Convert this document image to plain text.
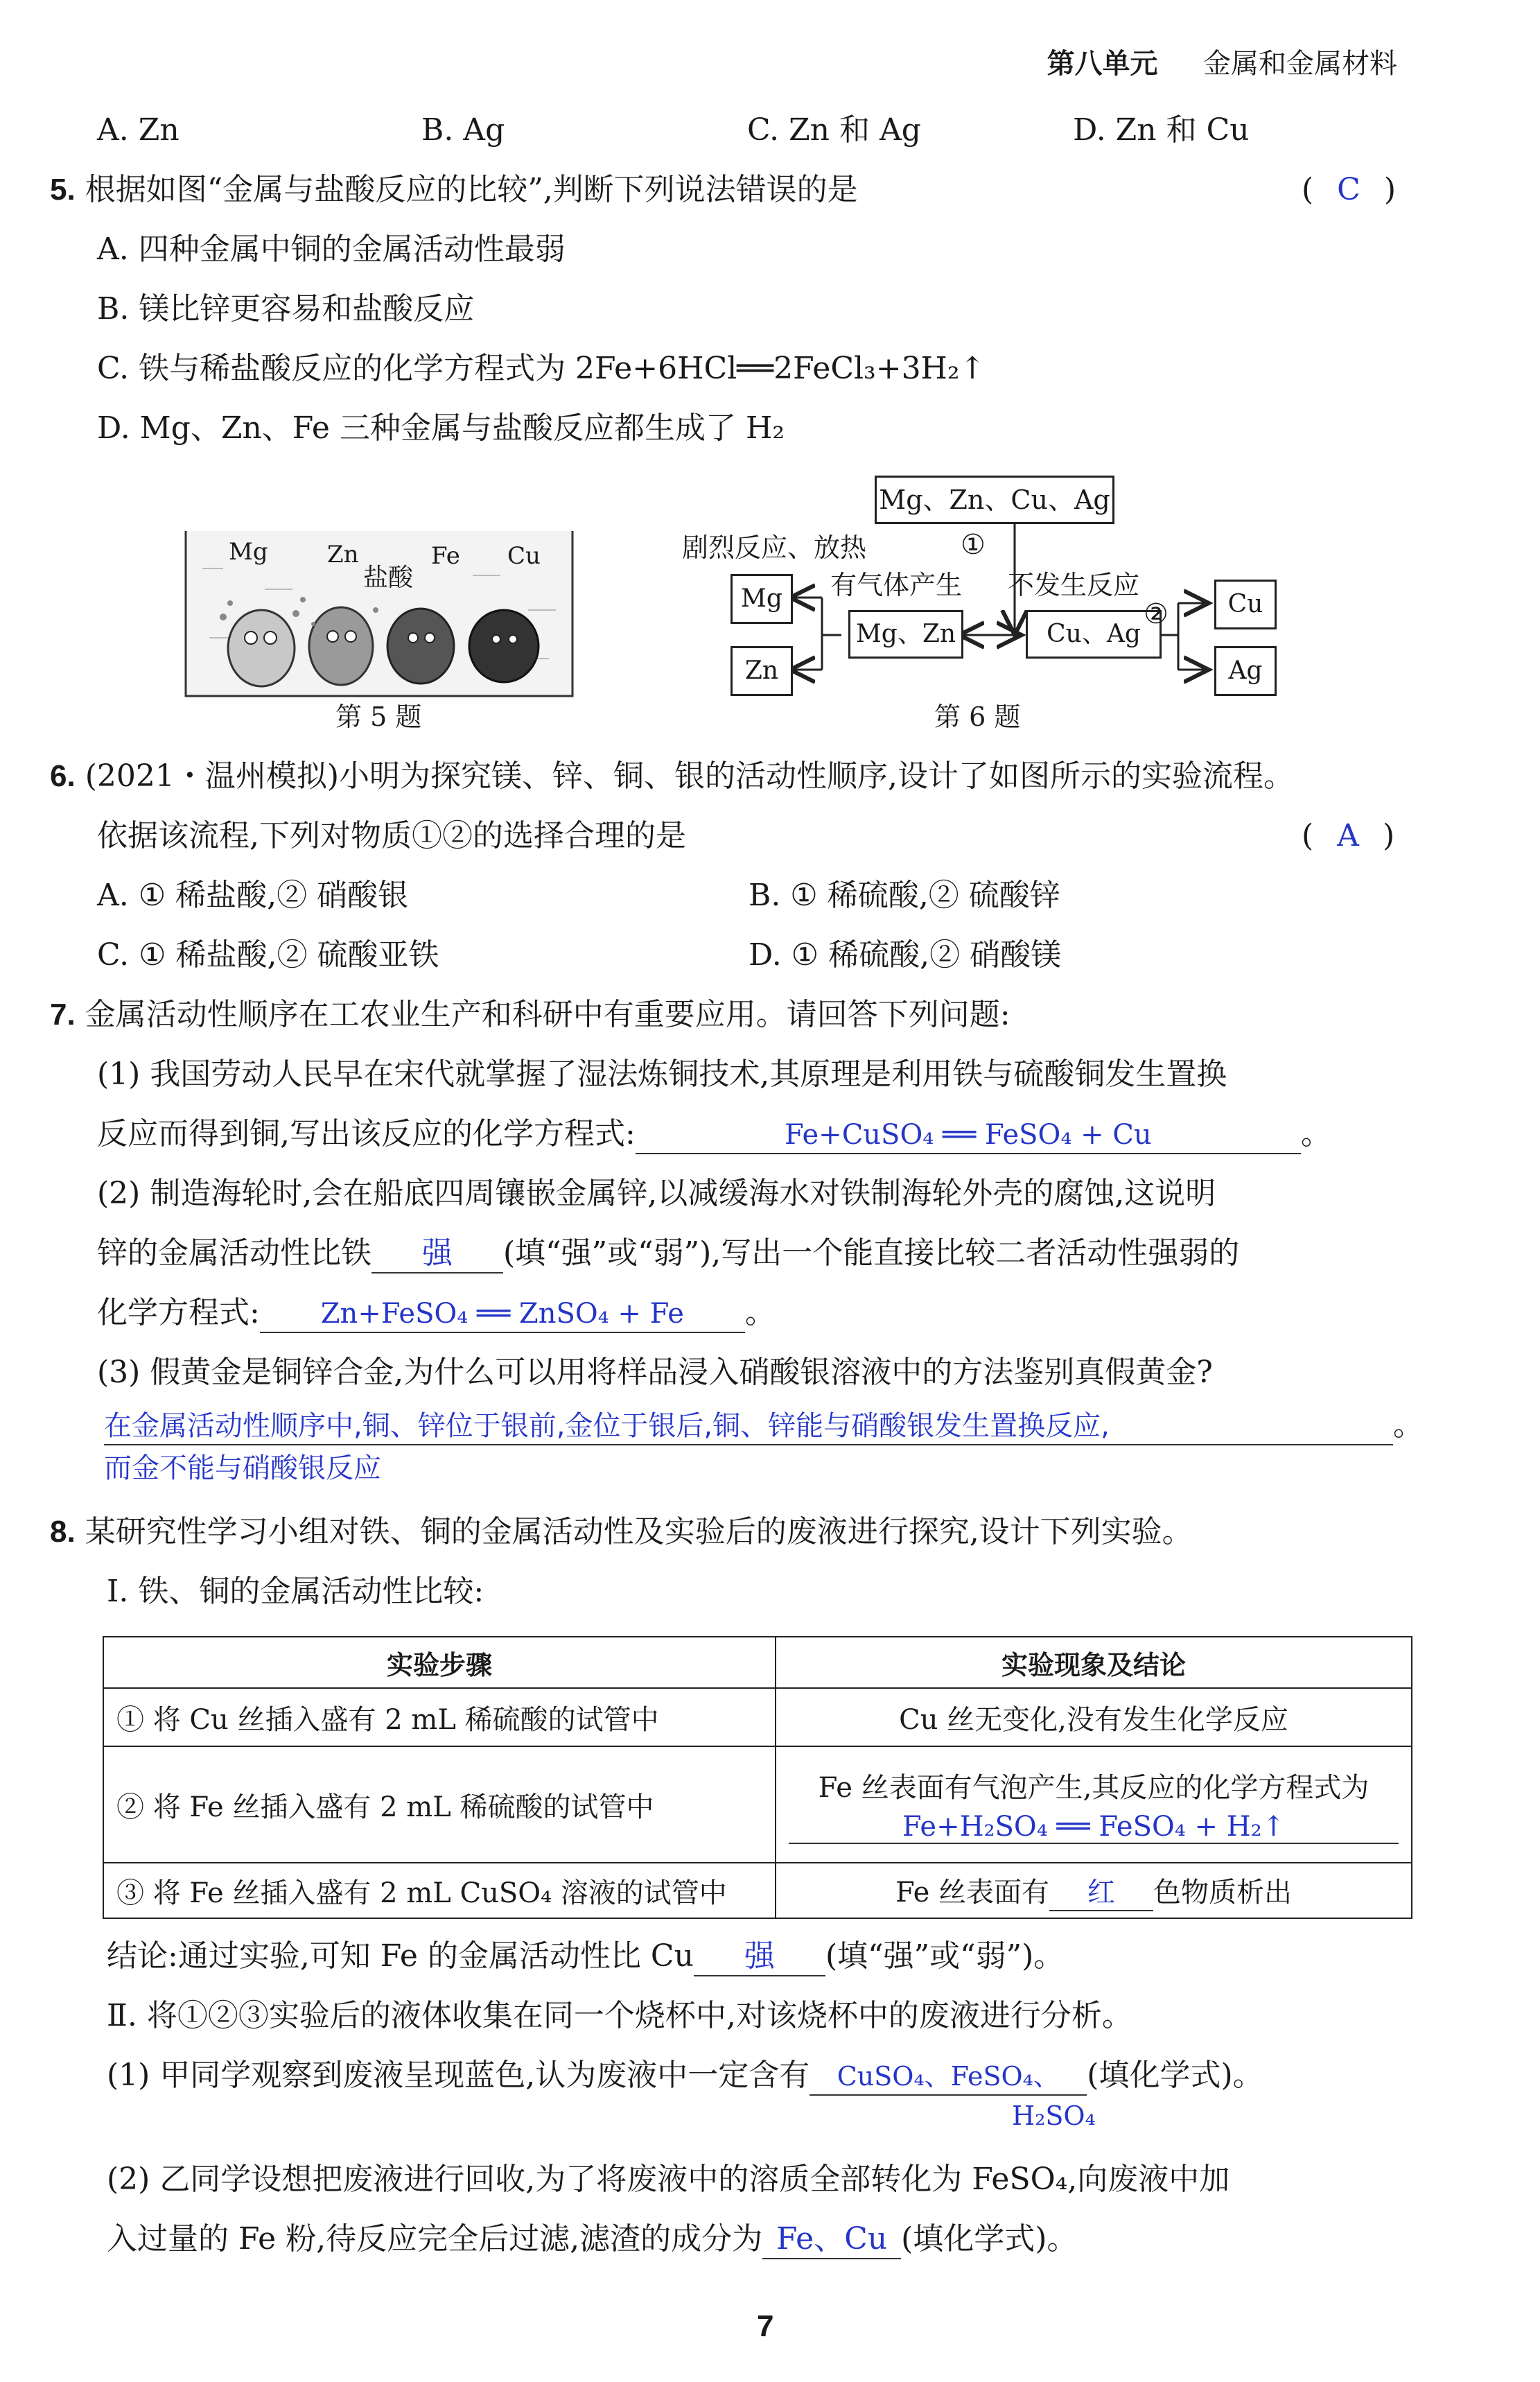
第八单元 金属和金属材料
A. Zn	B. Ag	C. Zn 和 Ag	D. Zn 和 Cu
5. 根据如图“金属与盐酸反应的比较”,判断下列说法错误的是	( C )
A. 四种金属中铜的金属活动性最弱
B. 镁比锌更容易和盐酸反应
C. 铁与稀盐酸反应的化学方程式为 2Fe+6HCl══2FeCl₃+3H₂↑
D. Mg、Zn、Fe 三种金属与盐酸反应都生成了 H₂
Mg	Zn	Fe Cu
盐酸
第 5 题
Mg、Zn、Cu、Ag
Mg、Zn	Cu、Ag
Mg
Zn
Cu
Ag
剧烈反应、放热
有气体产生 不发生反应
①
②
第 6 题
6. (2021・温州模拟)小明为探究镁、锌、铜、银的活动性顺序,设计了如图所示的实验流程。
依据该流程,下列对物质①②的选择合理的是	( A )
A. ① 稀盐酸,② 硝酸银	B. ① 稀硫酸,② 硫酸锌
C. ① 稀盐酸,② 硫酸亚铁	D. ① 稀硫酸,② 硝酸镁
7. 金属活动性顺序在工农业生产和科研中有重要应用。请回答下列问题:
(1) 我国劳动人民早在宋代就掌握了湿法炼铜技术,其原理是利用铁与硫酸铜发生置换
反应而得到铜,写出该反应的化学方程式:	Fe+CuSO₄ ══ FeSO₄ + Cu	。
(2) 制造海轮时,会在船底四周镶嵌金属锌,以减缓海水对铁制海轮外壳的腐蚀,这说明
锌的金属活动性比铁 强 (填“强”或“弱”),写出一个能直接比较二者活动性强弱的
化学方程式: Zn+FeSO₄ ══ ZnSO₄ + Fe 。
(3) 假黄金是铜锌合金,为什么可以用将样品浸入硝酸银溶液中的方法鉴别真假黄金?
在金属活动性顺序中,铜、锌位于银前,金位于银后,铜、锌能与硝酸银发生置换反应,	。
而金不能与硝酸银反应
8. 某研究性学习小组对铁、铜的金属活动性及实验后的废液进行探究,设计下列实验。
Ⅰ. 铁、铜的金属活动性比较:
实验步骤	实验现象及结论
① 将 Cu 丝插入盛有 2 mL 稀硫酸的试管中	Cu 丝无变化,没有发生化学反应
② 将 Fe 丝插入盛有 2 mL 稀硫酸的试管中	Fe 丝表面有气泡产生,其反应的化学方程式为
Fe+H₂SO₄ ══ FeSO₄ + H₂↑
③ 将 Fe 丝插入盛有 2 mL CuSO₄ 溶液的试管中	Fe 丝表面有 红 色物质析出
结论:通过实验,可知 Fe 的金属活动性比 Cu 强 (填“强”或“弱”)。
Ⅱ. 将①②③实验后的液体收集在同一个烧杯中,对该烧杯中的废液进行分析。
(1) 甲同学观察到废液呈现蓝色,认为废液中一定含有 CuSO₄、FeSO₄、 (填化学式)。
H₂SO₄
(2) 乙同学设想把废液进行回收,为了将废液中的溶质全部转化为 FeSO₄,向废液中加
入过量的 Fe 粉,待反应完全后过滤,滤渣的成分为 Fe、Cu (填化学式)。
7
